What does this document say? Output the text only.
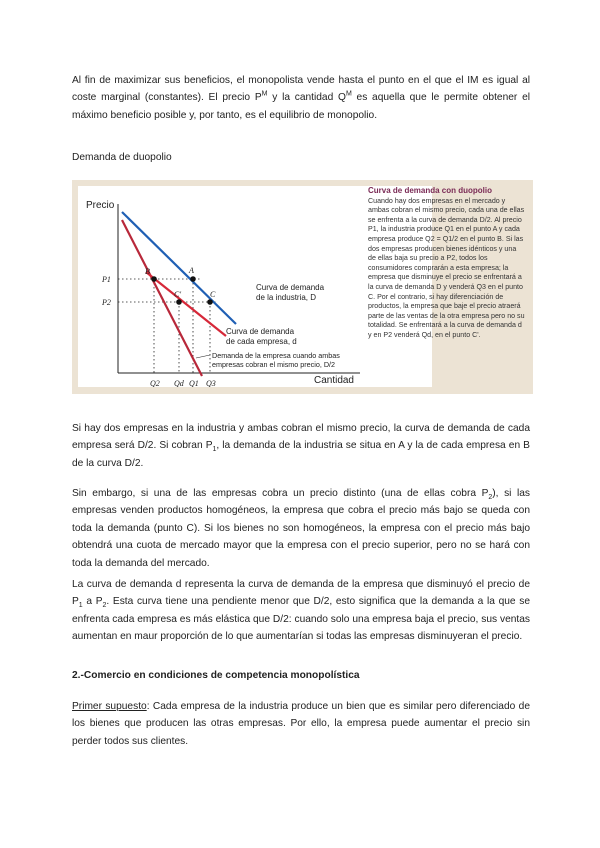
Al fin de maximizar sus beneficios, el monopolista vende hasta el punto en el que el IM es igual al coste marginal (constantes). El precio $P^M$ y la cantidad $Q^M$ es aquella que le permite obtener el máximo beneficio posible y, por tanto, es el equilibrio de monopolio.

Demanda de duopolio
Precio
Cantidad
B	A
C'	C
P1
P2
Q2 Qd Q1 Q3
Curva de demanda
de la industria, D
Curva de demanda
de cada empresa, d
Demanda de la empresa cuando ambas
empresas cobran el mismo precio, D/2
Curva de demanda con duopolio
Cuando hay dos empresas en el mercado y ambas cobran el mismo precio, cada una de ellas se enfrenta a la curva de demanda D/2. Al precio P1, la industria produce Q1 en el punto A y cada empresa produce Q2 = Q1/2 en el punto B. Si las dos empresas producen bienes idénticos y una de ellas baja su precio a P2, todos los consumidores comprarán a esta empresa; la empresa que disminuye el precio se enfrentará a la curva de demanda D y venderá Q3 en el punto C. Por el contrario, si hay diferenciación de productos, la empresa que baje el precio atraerá parte de las ventas de la otra empresa pero no su totalidad. Se enfrentará a la curva de demanda d y en P2 venderá Qd, en el punto C'.

Si hay dos empresas en la industria y ambas cobran el mismo precio, la curva de demanda de cada empresa será D/2. Si cobran $P_1$, la demanda de la industria se situa en A y la de cada empresa en B de la curva D/2.

Sin embargo, si una de las empresas cobra un precio distinto (una de ellas cobra $P_2$), si las empresas venden productos homogéneos, la empresa que cobra el precio más bajo se queda con toda la demanda (punto C). Si los bienes no son homogéneos, la empresa con el precio más bajo obtendrá una cuota de mercado mayor que la empresa con el precio superior, pero no se hará con toda la demanda del mercado.

La curva de demanda d representa la curva de demanda de la empresa que disminuyó el precio de $P_1$ a $P_2$. Esta curva tiene una pendiente menor que D/2, esto significa que la demanda a la que se enfrenta cada empresa es más elástica que D/2: cuando solo una empresa baja el precio, sus ventas aumentan en maur proporción de lo que aumentarían si todas las empresas disminuyeran el precio.

2.-Comercio en condiciones de competencia monopolística

Primer supuesto: Cada empresa de la industria produce un bien que es similar pero diferenciado de los bienes que producen las otras empresas. Por ello, la empresa puede aumentar el precio sin perder todos sus clientes.
